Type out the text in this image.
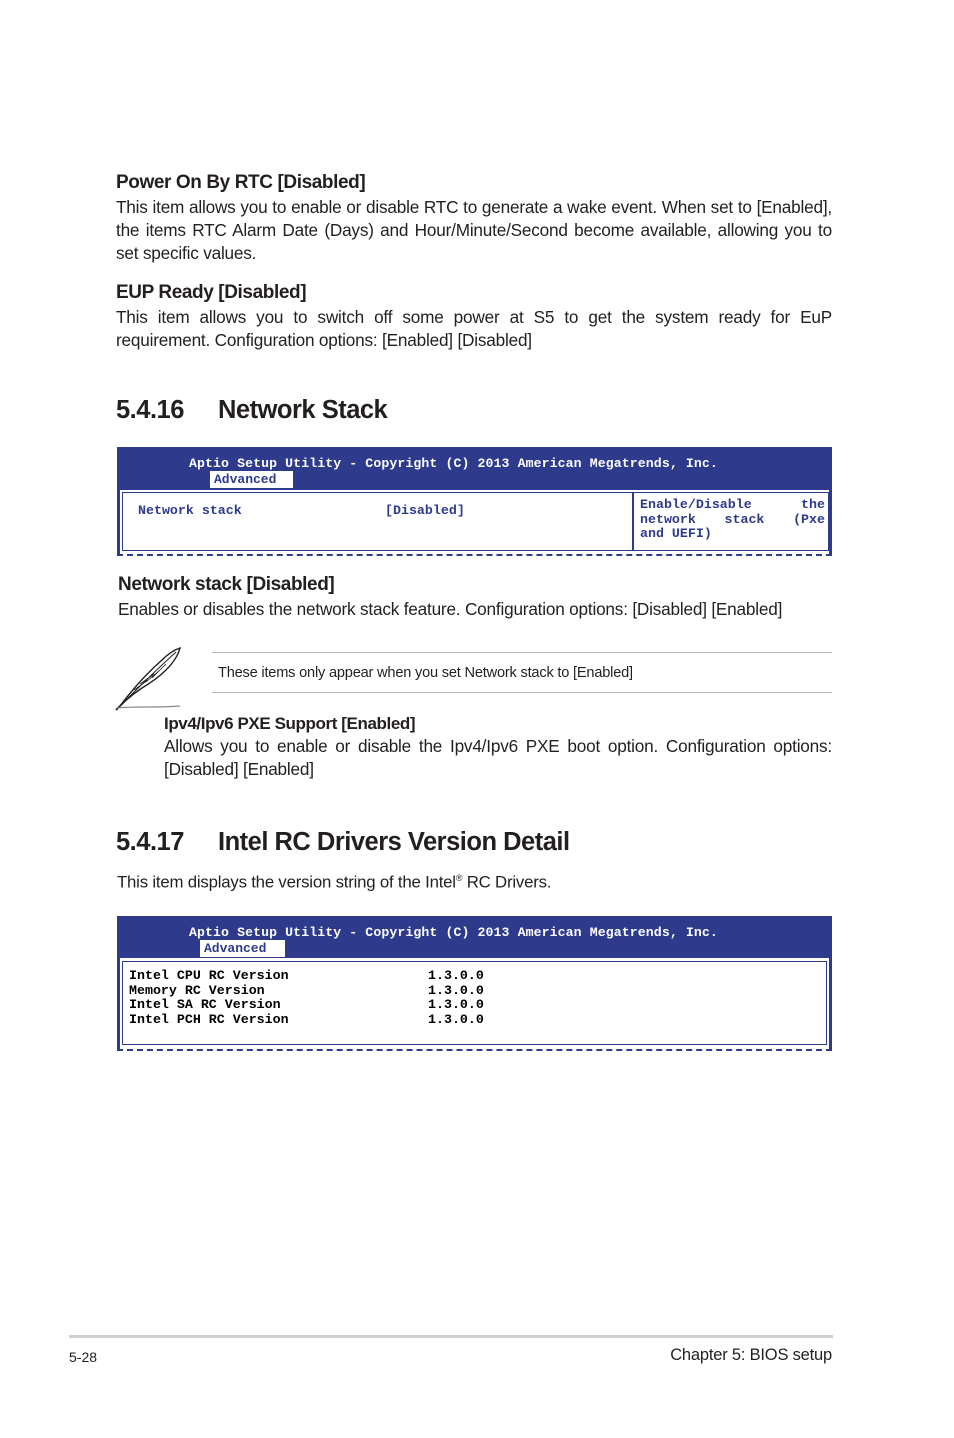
Power On By RTC [Disabled]
This item allows you to enable or disable RTC to generate a wake event. When set to [Enabled], the items RTC Alarm Date (Days) and Hour/Minute/Second become available, allowing you to set specific values.
EUP Ready [Disabled]
This item allows you to switch off some power at S5 to get the system ready for EuP requirement. Configuration options: [Enabled] [Disabled]
5.4.16 Network Stack
Aptio Setup Utility - Copyright (C) 2013 American Megatrends, Inc.
Advanced
Network stack	[Disabled]	Enable/Disable the
network stack (Pxe
and UEFI)
Network stack [Disabled]
Enables or disables the network stack feature. Configuration options: [Disabled] [Enabled]
These items only appear when you set Network stack to [Enabled]
Ipv4/Ipv6 PXE Support [Enabled]
Allows you to enable or disable the Ipv4/Ipv6 PXE boot option. Configuration options: [Disabled] [Enabled]
5.4.17 Intel RC Drivers Version Detail
This item displays the version string of the Intel® RC Drivers.
Aptio Setup Utility - Copyright (C) 2013 American Megatrends, Inc.
Advanced
Intel CPU RC Version	1.3.0.0
Memory RC Version	1.3.0.0
Intel SA RC Version	1.3.0.0
Intel PCH RC Version	1.3.0.0
5-28	Chapter 5: BIOS setup
